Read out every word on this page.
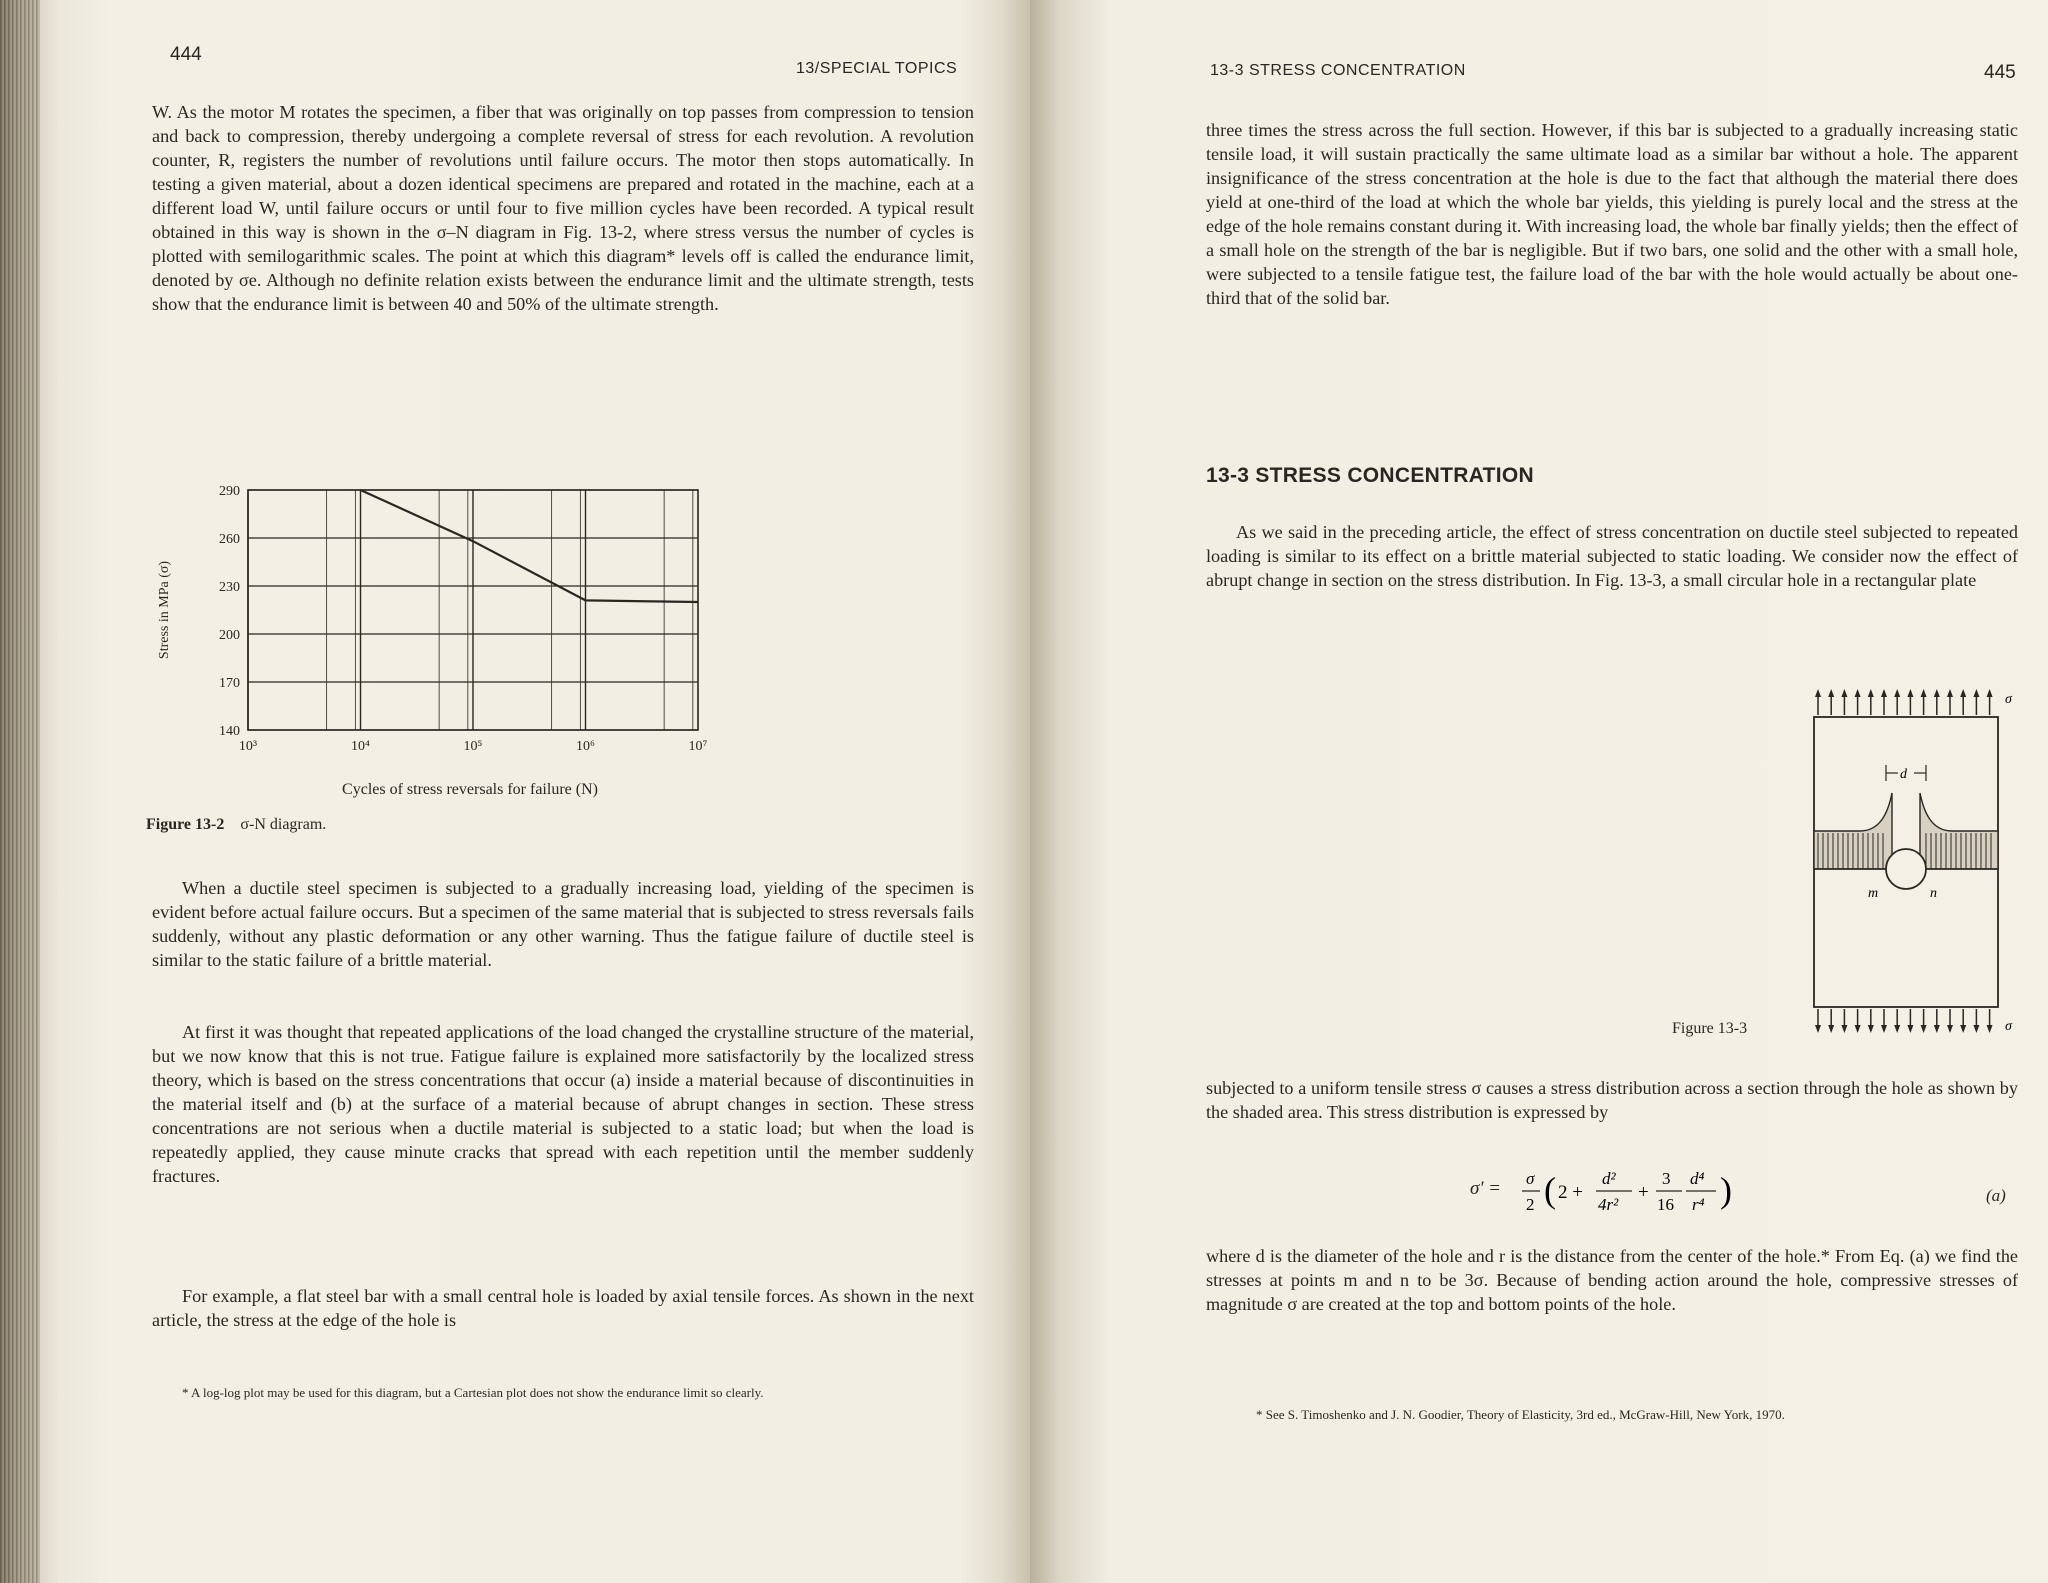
444
13/SPECIAL TOPICS

W. As the motor M rotates the specimen, a fiber that was originally on top passes from compression to tension and back to compression, thereby undergoing a complete reversal of stress for each revolution. A revolution counter, R, registers the number of revolutions until failure occurs. The motor then stops automatically. In testing a given material, about a dozen identical specimens are prepared and rotated in the machine, each at a different load W, until failure occurs or until four to five million cycles have been recorded. A typical result obtained in this way is shown in the σ–N diagram in Fig. 13-2, where stress versus the number of cycles is plotted with semilogarithmic scales. The point at which this diagram* levels off is called the endurance limit, denoted by σe. Although no definite relation exists between the endurance limit and the ultimate strength, tests show that the endurance limit is between 40 and 50% of the ultimate strength.

290
260
230
200
170
140
10³	10⁴	10⁵	10⁶	10⁷
Stress in MPa (σ)
Cycles of stress reversals for failure (N)
Figure 13-2 σ-N diagram.

When a ductile steel specimen is subjected to a gradually increasing load, yielding of the specimen is evident before actual failure occurs. But a specimen of the same material that is subjected to stress reversals fails suddenly, without any plastic deformation or any other warning. Thus the fatigue failure of ductile steel is similar to the static failure of a brittle material.

At first it was thought that repeated applications of the load changed the crystalline structure of the material, but we now know that this is not true. Fatigue failure is explained more satisfactorily by the localized stress theory, which is based on the stress concentrations that occur (a) inside a material because of discontinuities in the material itself and (b) at the surface of a material because of abrupt changes in section. These stress concentrations are not serious when a ductile material is subjected to a static load; but when the load is repeatedly applied, they cause minute cracks that spread with each repetition until the member suddenly fractures.

For example, a flat steel bar with a small central hole is loaded by axial tensile forces. As shown in the next article, the stress at the edge of the hole is

* A log-log plot may be used for this diagram, but a Cartesian plot does not show the endurance limit so clearly.
13-3 STRESS CONCENTRATION	445

three times the stress across the full section. However, if this bar is subjected to a gradually increasing static tensile load, it will sustain practically the same ultimate load as a similar bar without a hole. The apparent insignificance of the stress concentration at the hole is due to the fact that although the material there does yield at one-third of the load at which the whole bar yields, this yielding is purely local and the stress at the edge of the hole remains constant during it. With increasing load, the whole bar finally yields; then the effect of a small hole on the strength of the bar is negligible. But if two bars, one solid and the other with a small hole, were subjected to a tensile fatigue test, the failure load of the bar with the hole would actually be about one-third that of the solid bar.

13-3 STRESS CONCENTRATION

As we said in the preceding article, the effect of stress concentration on ductile steel subjected to repeated loading is similar to its effect on a brittle material subjected to static loading. We consider now the effect of abrupt change in section on the stress distribution. In Fig. 13-3, a small circular hole in a rectangular plate

σ
σ
d
m	n
Figure 13-3

subjected to a uniform tensile stress σ causes a stress distribution across a section through the hole as shown by the shaded area. This stress distribution is expressed by

σ' = σ
2 ( 2 +
d²
4r²
+
3
16
d⁴
r⁴ )	(a)

where d is the diameter of the hole and r is the distance from the center of the hole.* From Eq. (a) we find the stresses at points m and n to be 3σ. Because of bending action around the hole, compressive stresses of magnitude σ are created at the top and bottom points of the hole.

* See S. Timoshenko and J. N. Goodier, Theory of Elasticity, 3rd ed., McGraw-Hill, New York, 1970.
